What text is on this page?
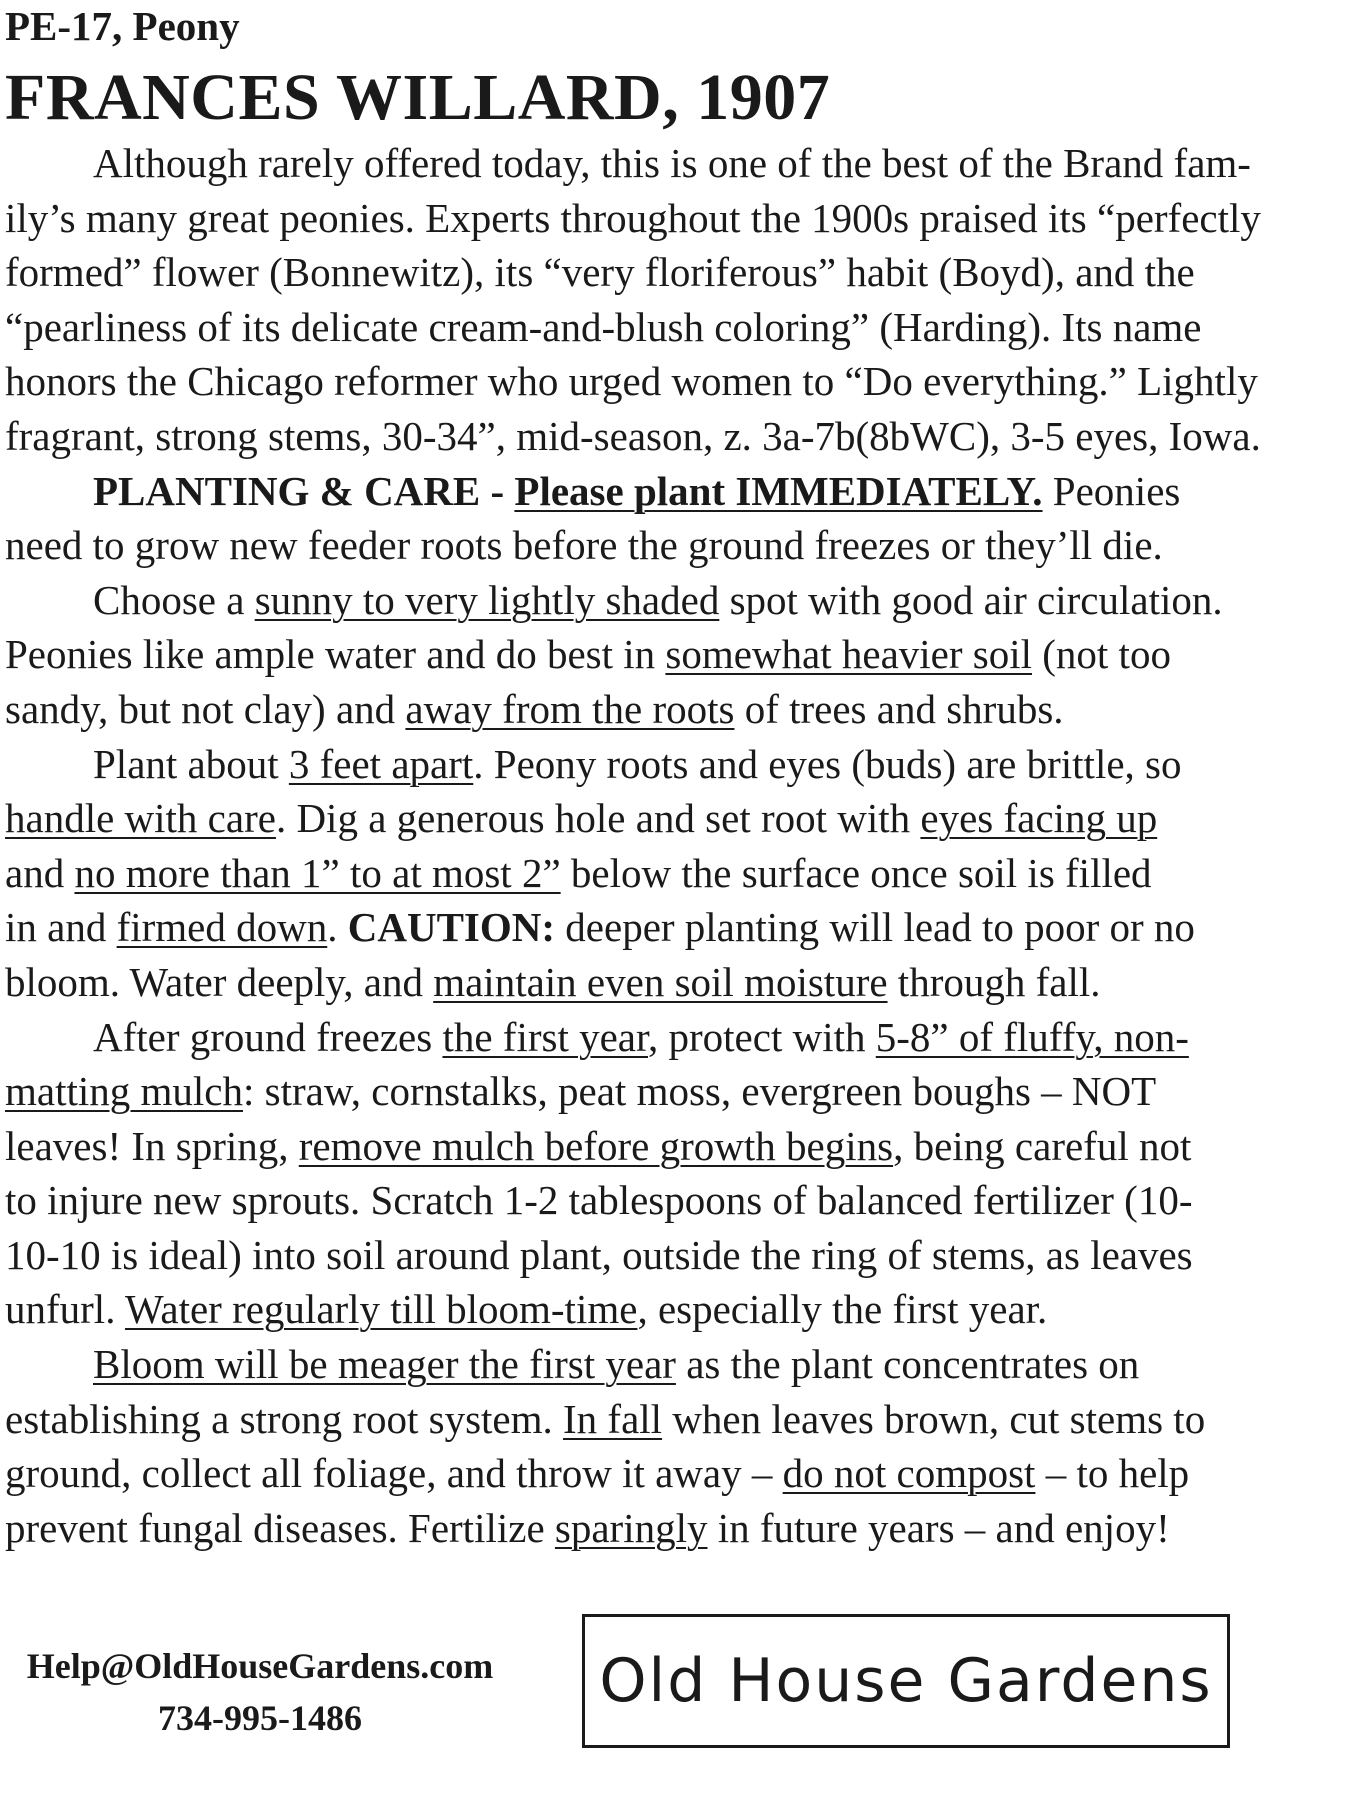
PE-17, Peony
FRANCES WILLARD, 1907
Although rarely offered today, this is one of the best of the Brand fam-
ily’s many great peonies. Experts throughout the 1900s praised its “perfectly
formed” flower (Bonnewitz), its “very floriferous” habit (Boyd), and the
“pearliness of its delicate cream-and-blush coloring” (Harding). Its name
honors the Chicago reformer who urged women to “Do everything.” Lightly
fragrant, strong stems, 30-34”, mid-season, z. 3a-7b(8bWC), 3-5 eyes, Iowa.
PLANTING & CARE - Please plant IMMEDIATELY. Peonies
need to grow new feeder roots before the ground freezes or they’ll die.
Choose a sunny to very lightly shaded spot with good air circulation.
Peonies like ample water and do best in somewhat heavier soil (not too
sandy, but not clay) and away from the roots of trees and shrubs.
Plant about 3 feet apart. Peony roots and eyes (buds) are brittle, so
handle with care. Dig a generous hole and set root with eyes facing up
and no more than 1” to at most 2” below the surface once soil is filled
in and firmed down. CAUTION: deeper planting will lead to poor or no
bloom. Water deeply, and maintain even soil moisture through fall.
After ground freezes the first year, protect with 5-8” of fluffy, non-
matting mulch: straw, cornstalks, peat moss, evergreen boughs – NOT
leaves! In spring, remove mulch before growth begins, being careful not
to injure new sprouts. Scratch 1-2 tablespoons of balanced fertilizer (10-
10-10 is ideal) into soil around plant, outside the ring of stems, as leaves
unfurl. Water regularly till bloom-time, especially the first year.
Bloom will be meager the first year as the plant concentrates on
establishing a strong root system. In fall when leaves brown, cut stems to
ground, collect all foliage, and throw it away – do not compost – to help
prevent fungal diseases. Fertilize sparingly in future years – and enjoy!
Help@OldHouseGardens.com
734-995-1486
Old House Gardens
